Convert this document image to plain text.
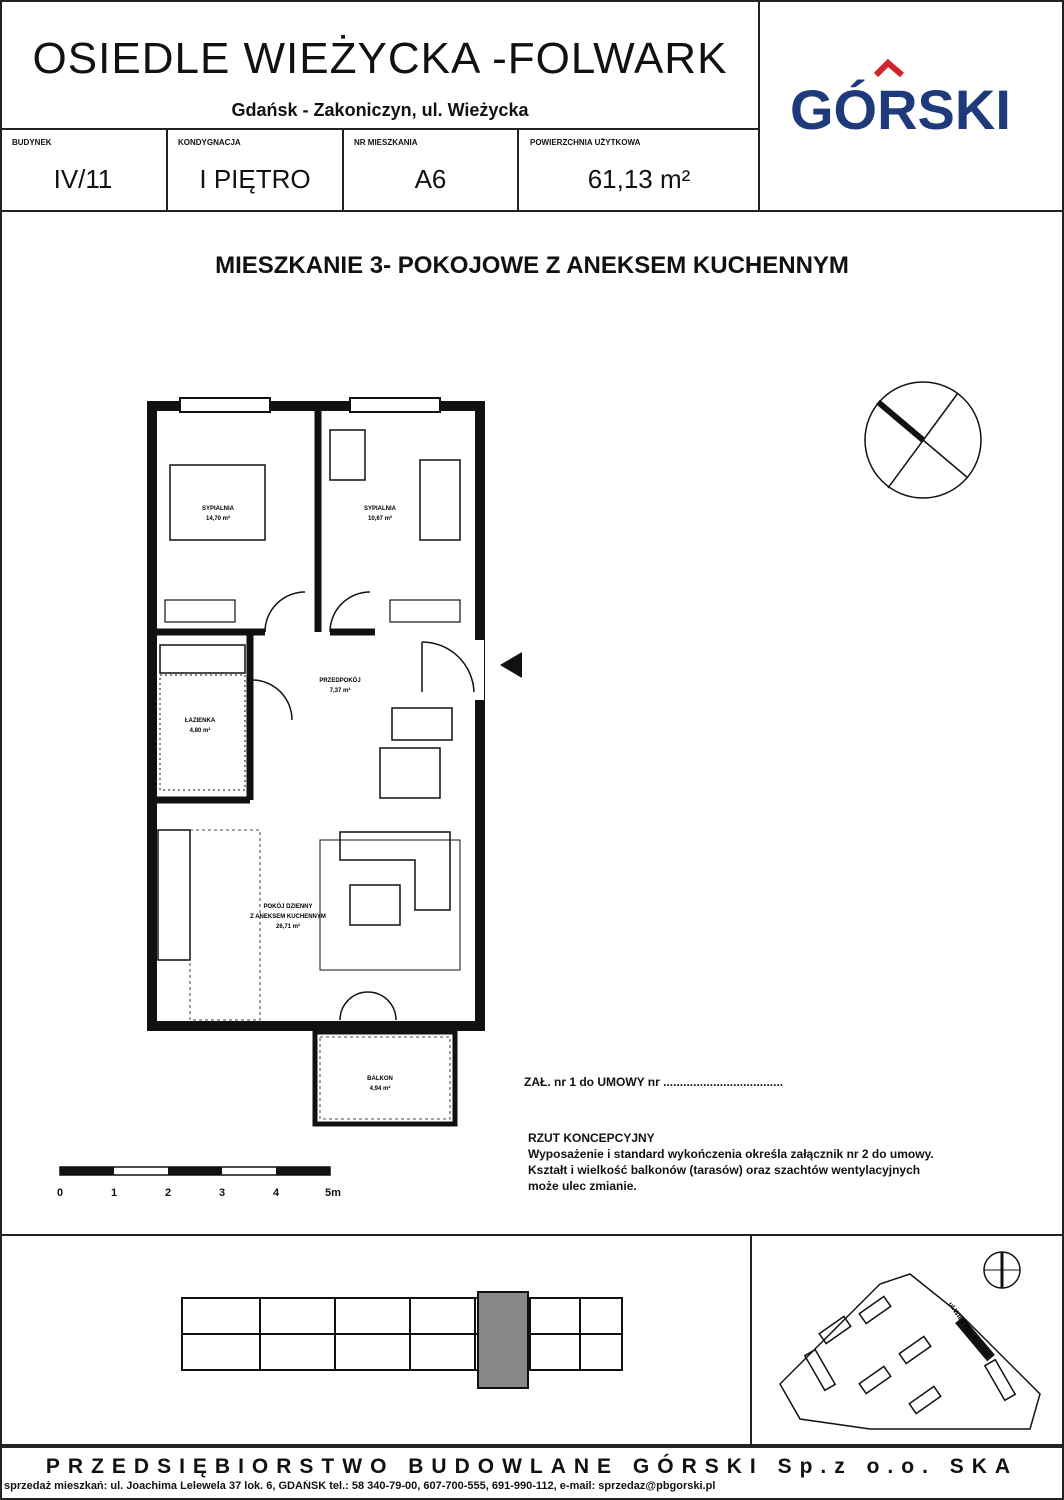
OSIEDLE WIEŻYCKA -FOLWARK
Gdańsk - Zakoniczyn, ul. Wieżycka
BUDYNEK
IV/11
KONDYGNACJA
I PIĘTRO
NR MIESZKANIA
A6
POWIERZCHNIA UŻYTKOWA
61,13 m²
GÓRSKI
MIESZKANIE 3- POKOJOWE Z ANEKSEM KUCHENNYM
SYPIALNIA
14,70 m²
SYPIALNIA
10,67 m²
PRZEDPOKÓJ
7,37 m²
ŁAZIENKA
4,80 m²
POKÓJ DZIENNY
Z ANEKSEM KUCHENNYM
26,71 m²
BALKON
4,94 m²
0	1	2	3	4	5m
ZAŁ. nr 1 do UMOWY nr ....................................
RZUT KONCEPCYJNY
Wyposażenie i standard wykończenia określa załącznik nr 2 do umowy.
Kształt i wielkość balkonów (tarasów) oraz szachtów wentylacyjnych
może ulec zmianie.
ul.WIEŻYCKA
PRZEDSIĘBIORSTWO BUDOWLANE GÓRSKI Sp.z o.o. SKA
sprzedaż mieszkań: ul. Joachima Lelewela 37 lok. 6, GDAŃSK tel.: 58 340-79-00, 607-700-555, 691-990-112, e-mail: sprzedaz@pbgorski.pl
